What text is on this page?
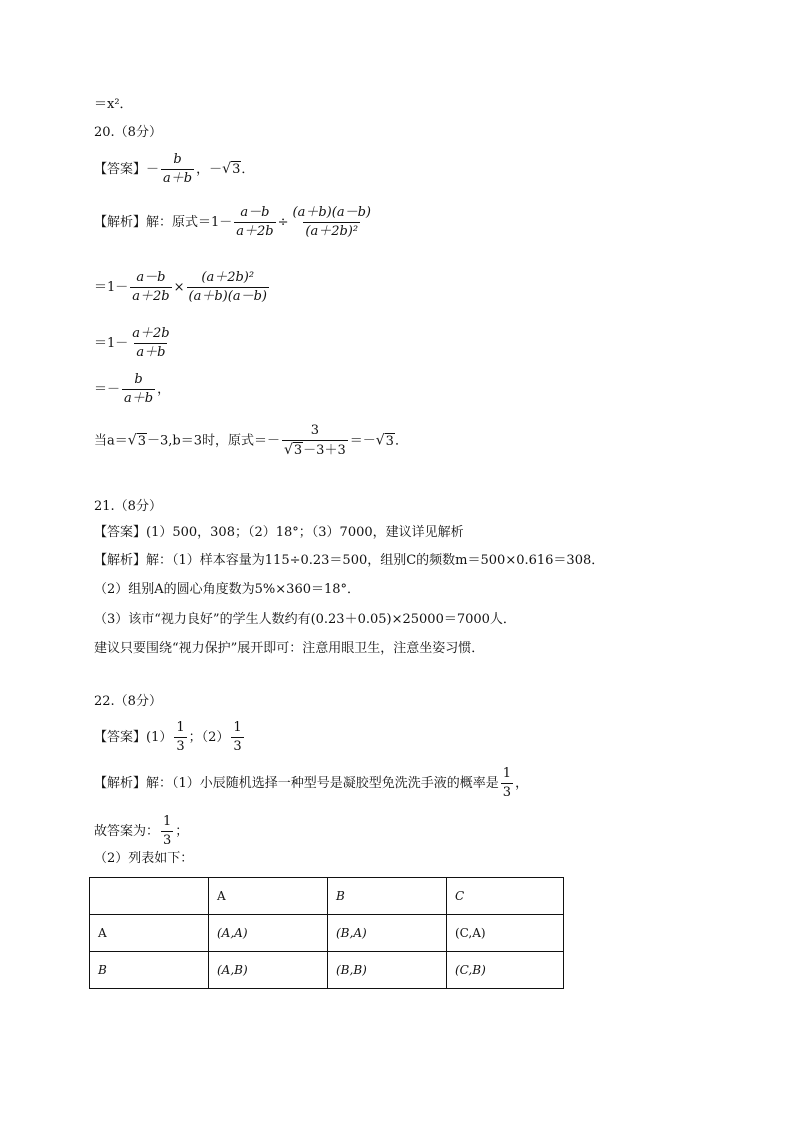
＝x²．
20.（8分）
【答案】－ $\frac{b}{a+b}$ ，－√3．
【解析】解：原式$=1- \frac{a-b}{a+2b} \div \frac{(a+b)(a-b)}{\text{(a＋2b)²}}$
$=1- \frac{a-b}{a+2b} \times \frac{\text{(a＋2b)²}}{(a+b)(a-b)}$
$=1- \frac{a+2b}{a+b}$
＝－ $\frac{b}{a+b}$ ，
当a＝√3－3,b＝3时，原式＝－ $\frac{3}{√3-3+3} =-√3$．
21.（8分）
【答案】(1）500，308；（2）18°；（3）7000，建议详见解析
【解析】解：（1）样本容量为115÷0.23＝500，组别C的频数m＝500×0.616＝308．
（2）组别A的圆心角度数为5%×360＝18°．
（3）该市“视力良好”的学生人数约有(0.23＋0.05)×25000＝7000人．
建议只要围绕“视力保护”展开即可：注意用眼卫生，注意坐姿习惯．
22.（8分）
【答案】$(1) \frac{1}{3}$ ；$(2) \frac{1}{3}$
【解析】解：（1）小辰随机选择一种型号是凝胶型免洗洗手液的概率是 $\frac{1}{3}$ ，
故答案为： $\frac{1}{3}$ ；
（2）列表如下：
	A	B	C
A	(A,A)	(B,A)	(C,A)
B	(A,B)	(B,B)	(C,B)
